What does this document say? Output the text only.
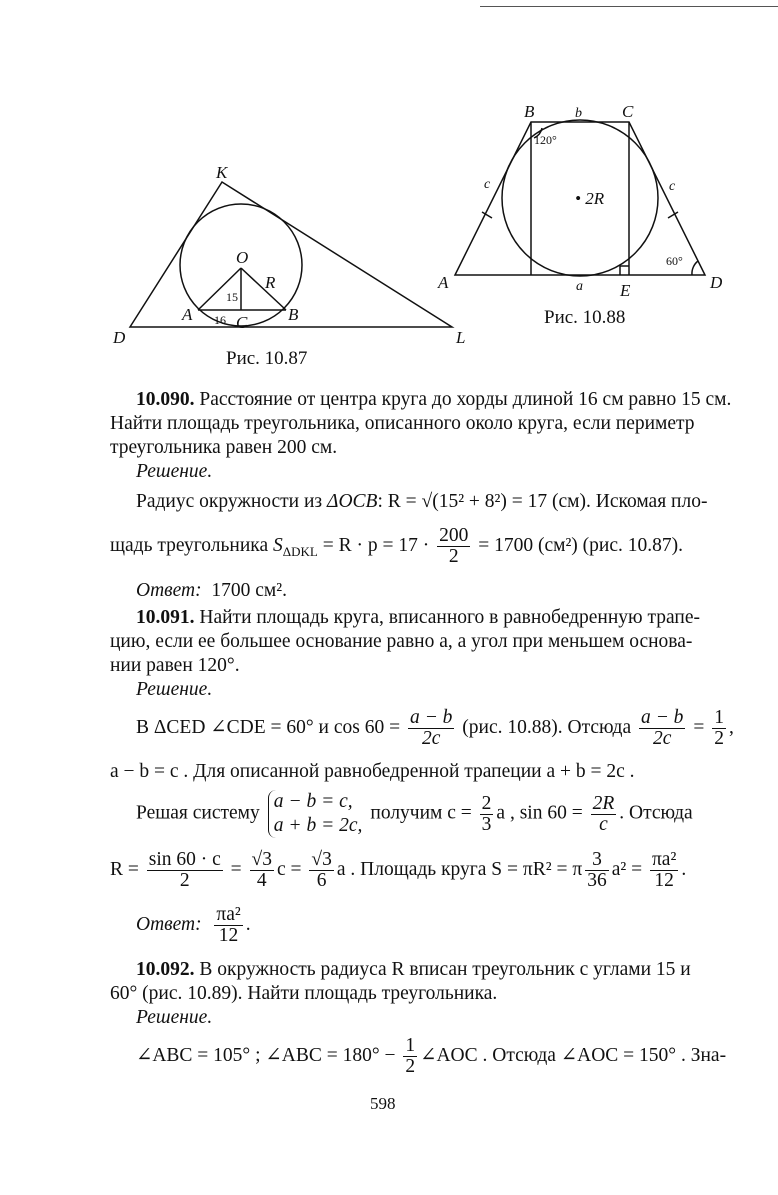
K
O
R
A	B
C
D	L
15
16
Рис. 10.87
B	b C
c	c
• 2R
A	a E	D
120°
60°
Рис. 10.88
10.090. Расстояние от центра круга до хорды длиной 16 см равно 15 см.
Найти площадь треугольника, описанного около круга, если периметр
треугольника равен 200 см.
Решение.
Радиус окружности из ΔOCB: R = √(15² + 8²) = 17 (см). Искомая пло-
щадь треугольника $S_{\Delta DKL} = R \cdot p = 17 \cdot \frac{200}{2} = 1700$ (см²) (рис. 10.87).
Ответ: 1700 см².
10.091. Найти площадь круга, вписанного в равнобедренную трапе-
цию, если ее большее основание равно a, а угол при меньшем основа-
нии равен 120°.
Решение.
В ΔCED ∠CDE = 60° и $\cos 60 = \frac{a - b}{2c} (рис$. 10.88). Отсюда $\frac{a - b}{2c} = \frac{1}{2}$ ,
a − b = c . Для описанной равнобедренной трапеции a + b = 2c .
Решая систему
a − b = c,
a + b = 2c,
получим $c = \frac{2}{3}$ a , $\sin 60 = \frac{2R}{c}$ . Отсюда
$R = \frac{\sin 60 \cdot c}{2} = \frac{√3}{4}$ $c = \frac{√3}{6}$ a . Площадь круга S = πR² = π $\frac{3}{36} a^2 = \frac{\text{πa²}}{12}$ .
Ответ: $\frac{\text{πa²}}{12}$ .
10.092. В окружность радиуса R вписан треугольник с углами 15 и
60° (рис. 10.89). Найти площадь треугольника.
Решение.
∠ABC = 105° ; ∠ABC = $180^\circ - \frac{1}{2}$ ∠AOC . Отсюда ∠AOC = 150° . Зна-
598
